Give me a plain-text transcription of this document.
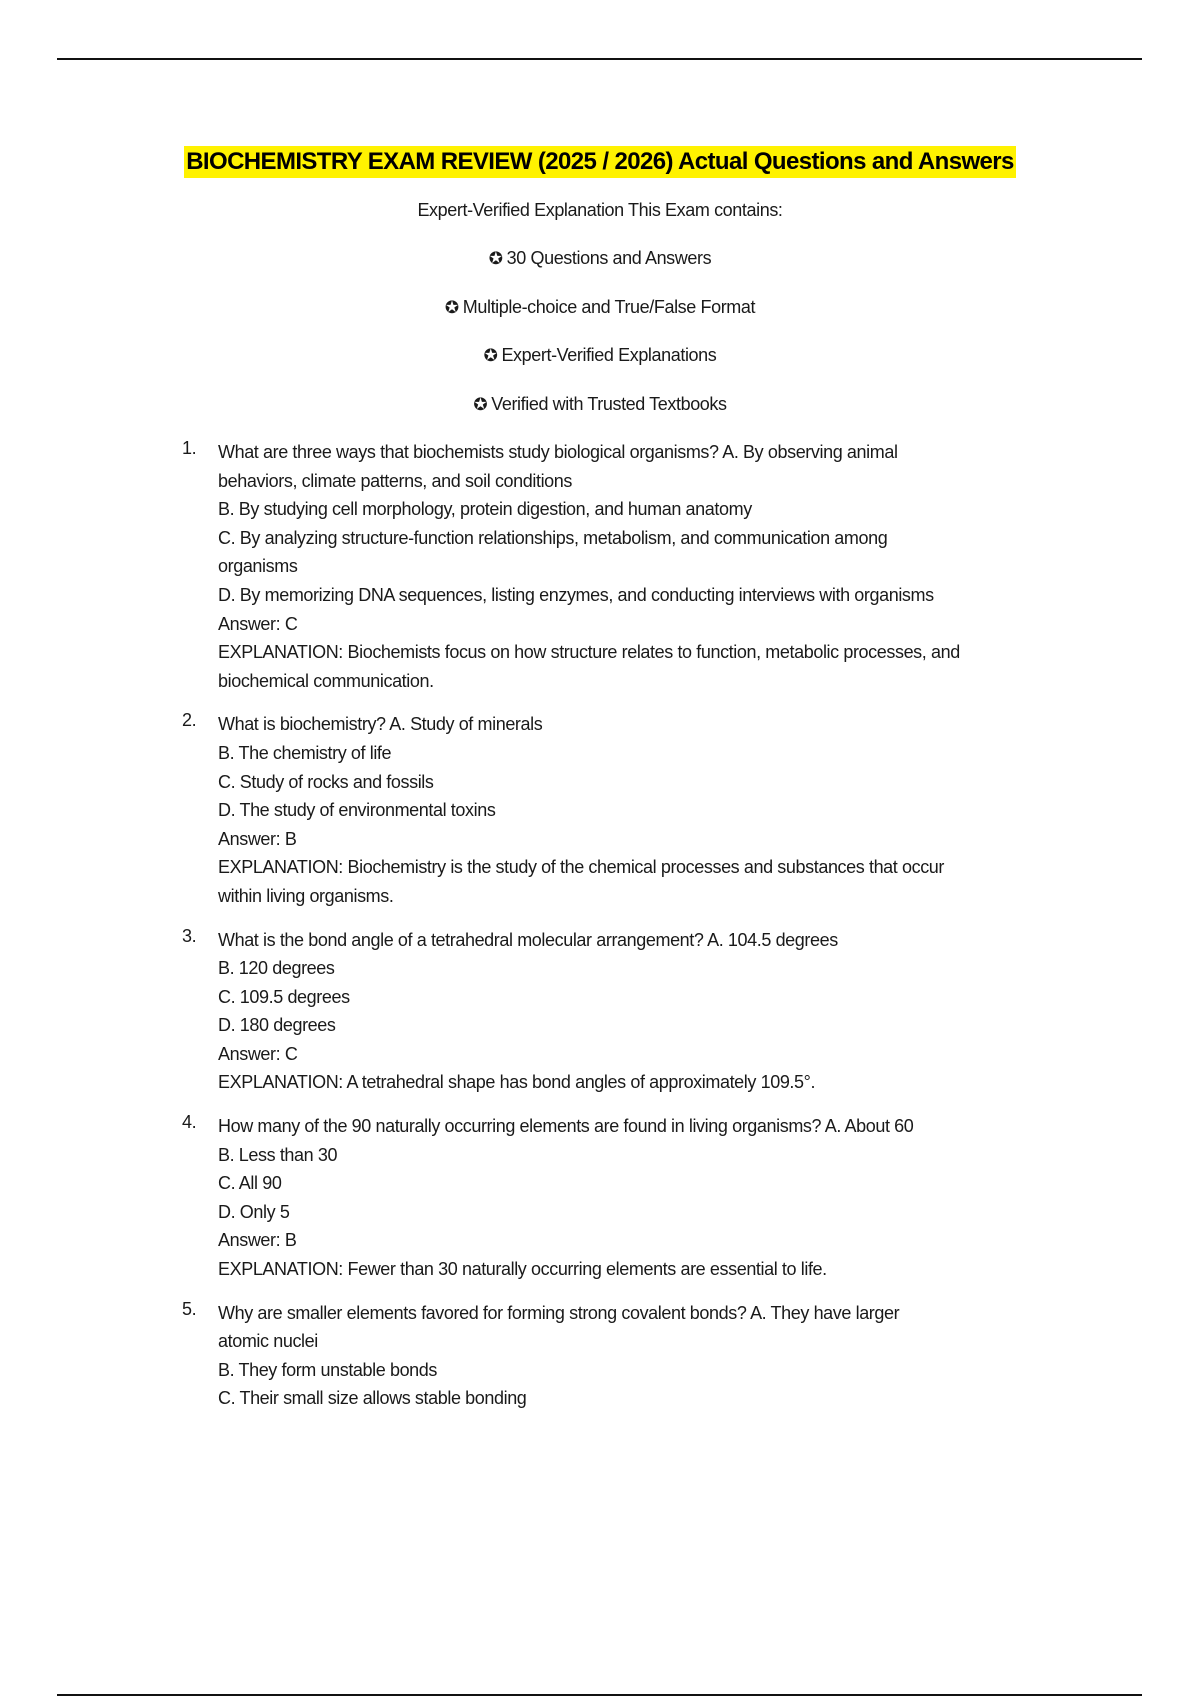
BIOCHEMISTRY EXAM REVIEW (2025 / 2026) Actual Questions and Answers
Expert-Verified Explanation This Exam contains:
✪ 30 Questions and Answers
✪ Multiple-choice and True/False Format
✪ Expert-Verified Explanations
✪ Verified with Trusted Textbooks
1. What are three ways that biochemists study biological organisms? A. By observing animal
behaviors, climate patterns, and soil conditions
B. By studying cell morphology, protein digestion, and human anatomy
C. By analyzing structure-function relationships, metabolism, and communication among
organisms
D. By memorizing DNA sequences, listing enzymes, and conducting interviews with organisms
Answer: C
EXPLANATION: Biochemists focus on how structure relates to function, metabolic processes, and
biochemical communication.
2. What is biochemistry? A. Study of minerals
B. The chemistry of life
C. Study of rocks and fossils
D. The study of environmental toxins
Answer: B
EXPLANATION: Biochemistry is the study of the chemical processes and substances that occur
within living organisms.
3. What is the bond angle of a tetrahedral molecular arrangement? A. 104.5 degrees
B. 120 degrees
C. 109.5 degrees
D. 180 degrees
Answer: C
EXPLANATION: A tetrahedral shape has bond angles of approximately 109.5°.
4. How many of the 90 naturally occurring elements are found in living organisms? A. About 60
B. Less than 30
C. All 90
D. Only 5
Answer: B
EXPLANATION: Fewer than 30 naturally occurring elements are essential to life.
5. Why are smaller elements favored for forming strong covalent bonds? A. They have larger
atomic nuclei
B. They form unstable bonds
C. Their small size allows stable bonding
